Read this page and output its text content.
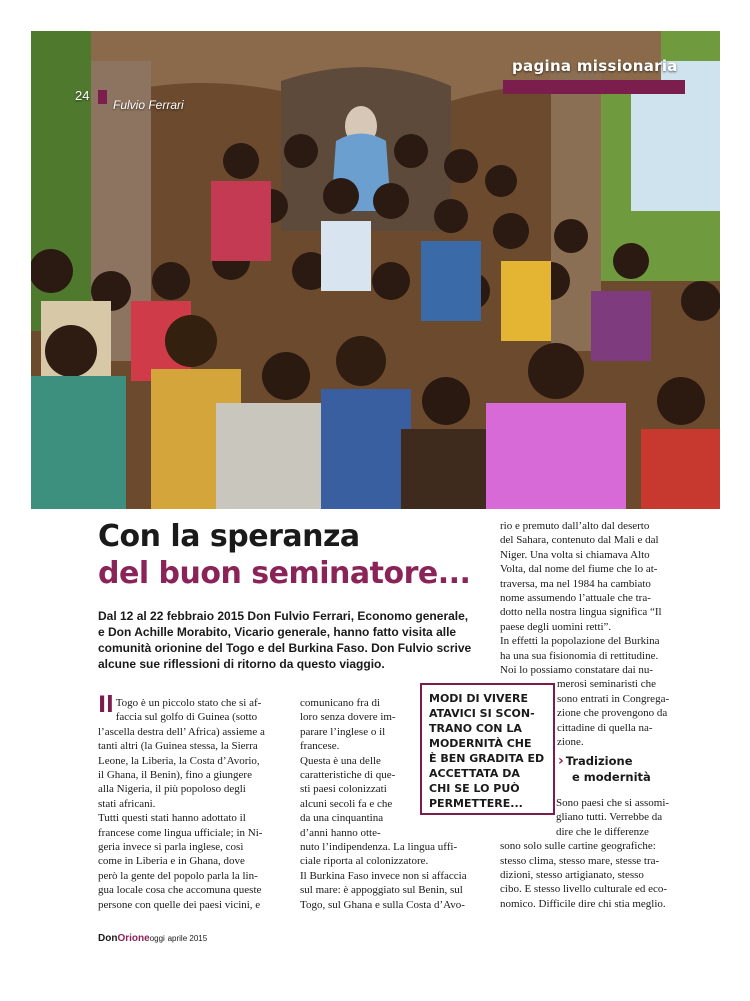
pagina missionaria
24
Fulvio Ferrari
Con la speranza
del buon seminatore...

Dal 12 al 22 febbraio 2015 Don Fulvio Ferrari, Economo generale,

e Don Achille Morabito, Vicario generale, hanno fatto visita alle

comunità orionine del Togo e del Burkina Faso. Don Fulvio scrive

alcune sue riflessioni di ritorno da questo viaggio.

Il Togo è un piccolo stato che si af-

faccia sul golfo di Guinea (sotto

l’ascella destra dell’ Africa) assieme a

tanti altri (la Guinea stessa, la Sierra

Leone, la Liberia, la Costa d’Avorio,

il Ghana, il Benin), fino a giungere

alla Nigeria, il più popoloso degli

stati africani.

Tutti questi stati hanno adottato il

francese come lingua ufficiale; in Ni-

geria invece si parla inglese, così

come in Liberia e in Ghana, dove

però la gente del popolo parla la lin-

gua locale cosa che accomuna queste

persone con quelle dei paesi vicini, e

comunicano fra di

loro senza dovere im-

parare l’inglese o il

francese.

Questa è una delle

caratteristiche di que-

sti paesi colonizzati

alcuni secoli fa e che

da una cinquantina

d’anni hanno otte-

nuto l’indipendenza. La lingua uffi-

ciale riporta al colonizzatore.

Il Burkina Faso invece non si affaccia

sul mare: è appoggiato sul Benin, sul

Togo, sul Ghana e sulla Costa d’Avo-

rio e premuto dall’alto dal deserto

del Sahara, contenuto dal Mali e dal

Niger. Una volta si chiamava Alto

Volta, dal nome del fiume che lo at-

traversa, ma nel 1984 ha cambiato

nome assumendo l’attuale che tra-

dotto nella nostra lingua significa “Il

paese degli uomini retti”.

In effetti la popolazione del Burkina

ha una sua fisionomia di rettitudine.

Noi lo possiamo constatare dai nu-

merosi seminaristi che

sono entrati in Congrega-

zione che provengono da

cittadine di quella na-

zione.

MODI DI VIVERE

ATAVICI SI SCON-

TRANO CON LA

MODERNITÀ CHE

È BEN GRADITA ED

ACCETTATA DA

CHI SE LO PUÒ

PERMETTERE...

› Tradizione
e modernità

Sono paesi che si assomi-

gliano tutti. Verrebbe da

dire che le differenze

sono solo sulle cartine geografiche:

stesso clima, stesso mare, stesse tra-

dizioni, stesso artigianato, stesso

cibo. E stesso livello culturale ed eco-

nomico. Difficile dire chi stia meglio.

DonOrioneoggi aprile 2015
